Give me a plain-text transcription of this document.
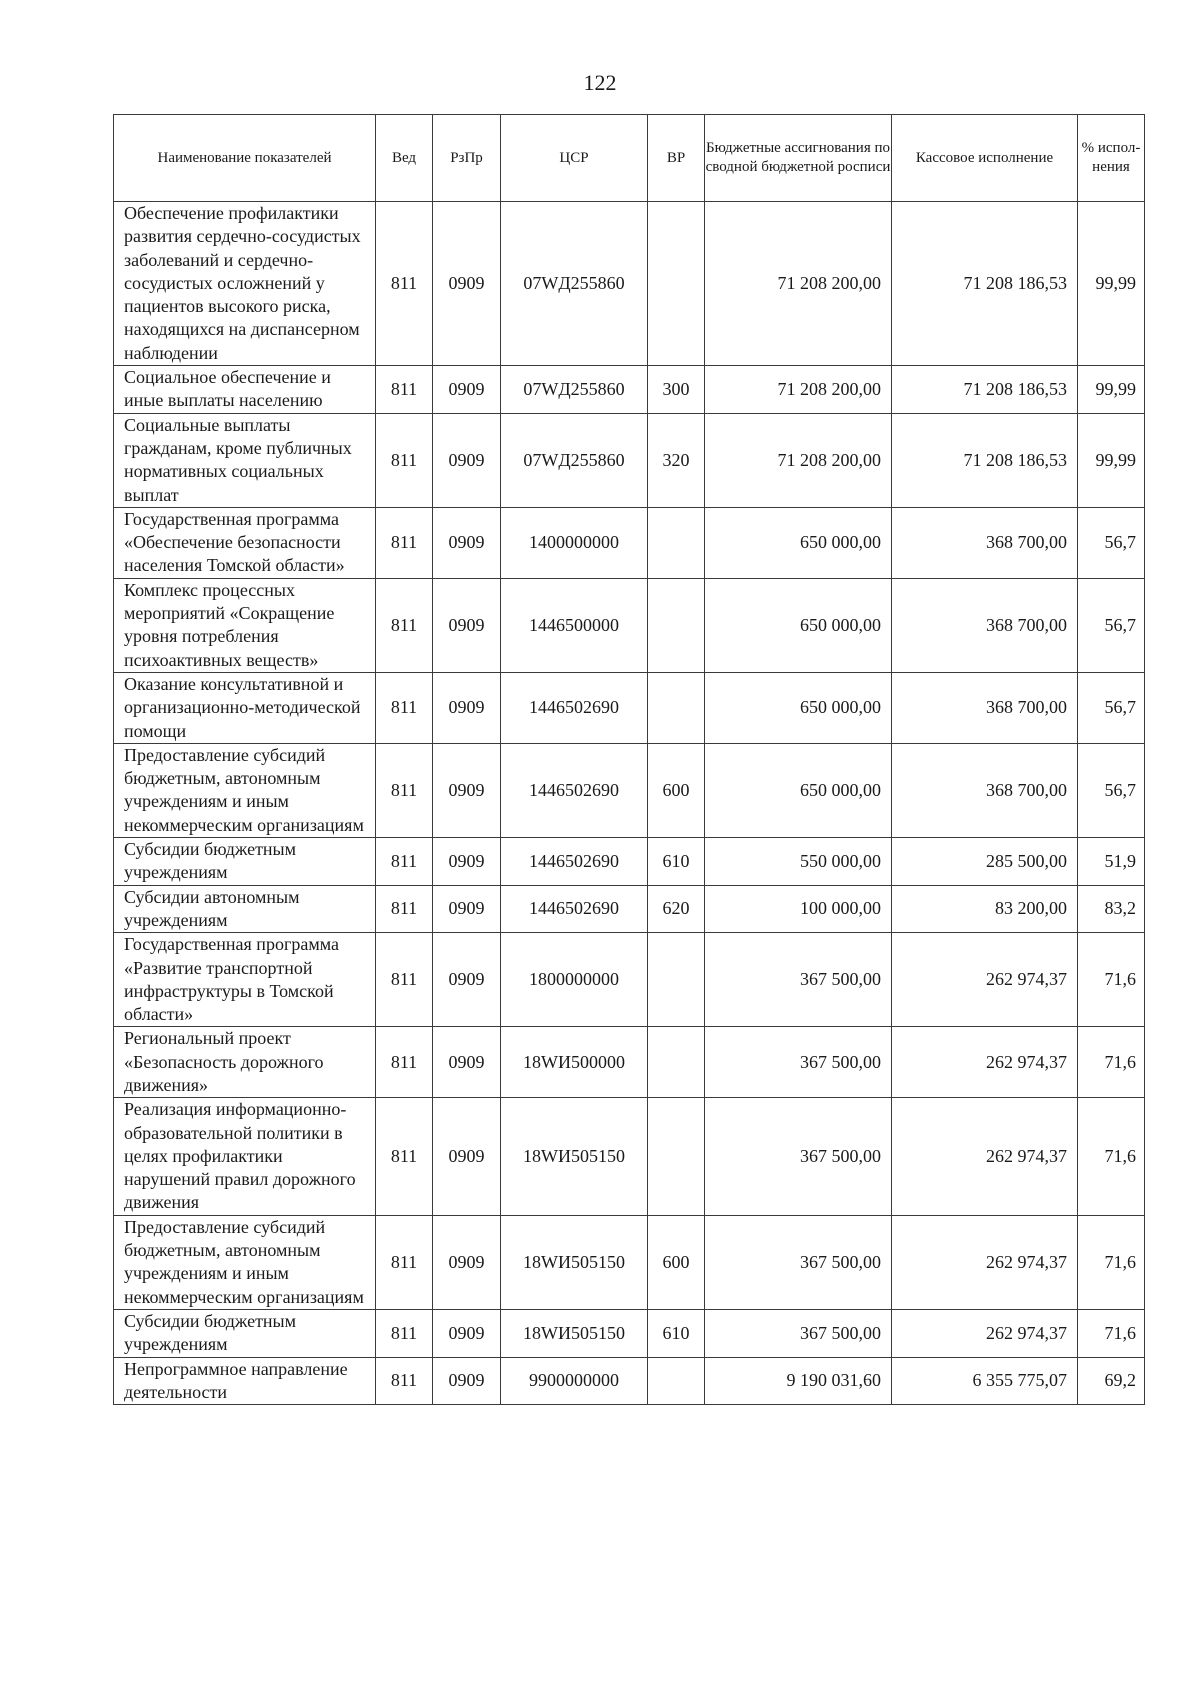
122
Наименование показателей	Вед	РзПр	ЦСР	ВР	Бюджетные ассигнования по сводной бюджетной росписи	Кассовое исполнение	% испол-нения
Обеспечение профилактики развития сердечно-сосудистых заболеваний и сердечно-сосудистых осложнений у пациентов высокого риска, находящихся на диспансерном наблюдении	811	0909	07WД255860		71 208 200,00	71 208 186,53	99,99
Социальное обеспечение и иные выплаты населению	811	0909	07WД255860	300	71 208 200,00	71 208 186,53	99,99
Социальные выплаты гражданам, кроме публичных нормативных социальных выплат	811	0909	07WД255860	320	71 208 200,00	71 208 186,53	99,99
Государственная программа «Обеспечение безопасности населения Томской области»	811	0909	1400000000		650 000,00	368 700,00	56,7
Комплекс процессных мероприятий «Сокращение уровня потребления психоактивных веществ»	811	0909	1446500000		650 000,00	368 700,00	56,7
Оказание консультативной и организационно-методической помощи	811	0909	1446502690		650 000,00	368 700,00	56,7
Предоставление субсидий бюджетным, автономным учреждениям и иным некоммерческим организациям	811	0909	1446502690	600	650 000,00	368 700,00	56,7
Субсидии бюджетным учреждениям	811	0909	1446502690	610	550 000,00	285 500,00	51,9
Субсидии автономным учреждениям	811	0909	1446502690	620	100 000,00	83 200,00	83,2
Государственная программа «Развитие транспортной инфраструктуры в Томской области»	811	0909	1800000000		367 500,00	262 974,37	71,6
Региональный проект «Безопасность дорожного движения»	811	0909	18WИ500000		367 500,00	262 974,37	71,6
Реализация информационно-образовательной политики в целях профилактики нарушений правил дорожного движения	811	0909	18WИ505150		367 500,00	262 974,37	71,6
Предоставление субсидий бюджетным, автономным учреждениям и иным некоммерческим организациям	811	0909	18WИ505150	600	367 500,00	262 974,37	71,6
Субсидии бюджетным учреждениям	811	0909	18WИ505150	610	367 500,00	262 974,37	71,6
Непрограммное направление деятельности	811	0909	9900000000		9 190 031,60	6 355 775,07	69,2
